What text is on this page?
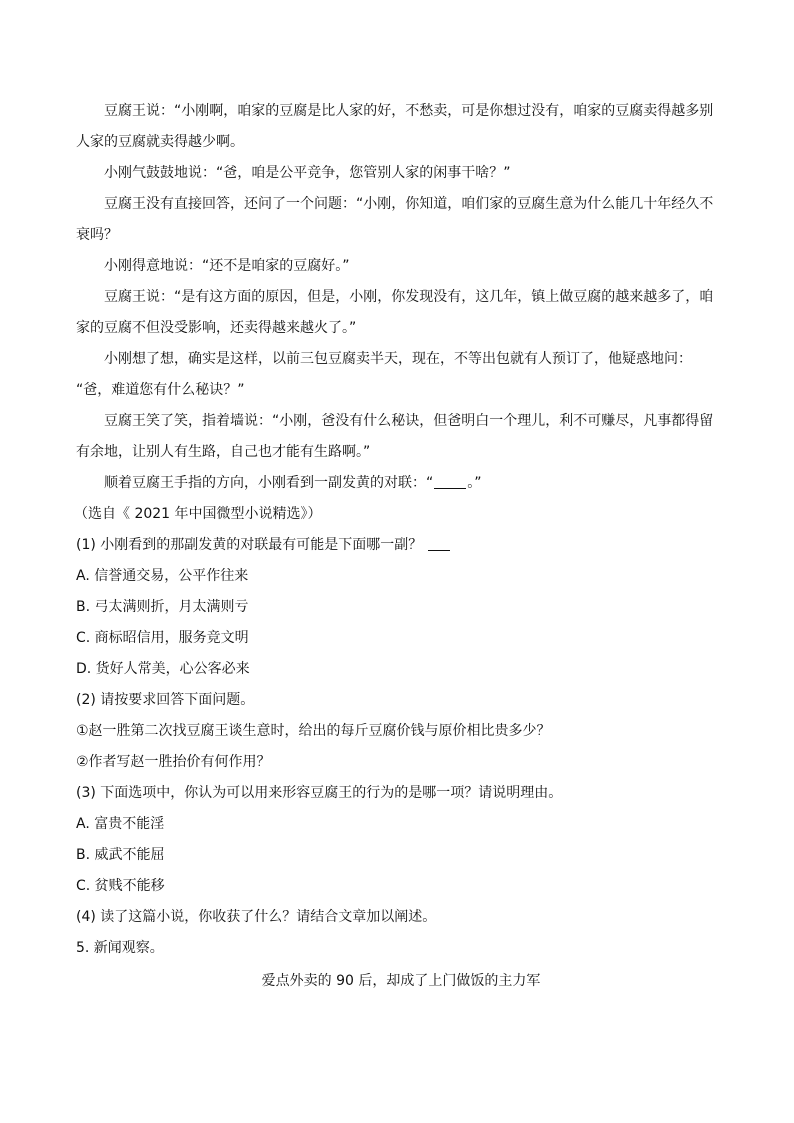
豆腐王说：“小刚啊，咱家的豆腐是比人家的好，不愁卖，可是你想过没有，咱家的豆腐卖得越多别人家的豆腐就卖得越少啊。

小刚气鼓鼓地说：“爸，咱是公平竞争，您管别人家的闲事干啥？”

豆腐王没有直接回答，还问了一个问题：“小刚，你知道，咱们家的豆腐生意为什么能几十年经久不衰吗？

小刚得意地说：“还不是咱家的豆腐好。”

豆腐王说：“是有这方面的原因，但是，小刚，你发现没有，这几年，镇上做豆腐的越来越多了，咱家的豆腐不但没受影响，还卖得越来越火了。”

小刚想了想，确实是这样，以前三包豆腐卖半天，现在，不等出包就有人预订了，他疑惑地问：

“爸，难道您有什么秘诀？”

豆腐王笑了笑，指着墙说：“小刚，爸没有什么秘诀，但爸明白一个理儿，利不可赚尽，凡事都得留有余地，让别人有生路，自己也才能有生路啊。”

顺着豆腐王手指的方向，小刚看到一副发黄的对联：“ 。”

（选自《 2021 年中国微型小说精选》）

(1) 小刚看到的那副发黄的对联最有可能是下面哪一副？

A. 信誉通交易，公平作往来

B. 弓太满则折，月太满则亏

C. 商标昭信用，服务竞文明

D. 货好人常美，心公客必来

(2) 请按要求回答下面问题。

①赵一胜第二次找豆腐王谈生意时，给出的每斤豆腐价钱与原价相比贵多少？

②作者写赵一胜抬价有何作用？

(3) 下面选项中，你认为可以用来形容豆腐王的行为的是哪一项？请说明理由。

A. 富贵不能淫

B. 威武不能屈

C. 贫贱不能移

(4) 读了这篇小说，你收获了什么？请结合文章加以阐述。

5. 新闻观察。

爱点外卖的 90 后，却成了上门做饭的主力军
